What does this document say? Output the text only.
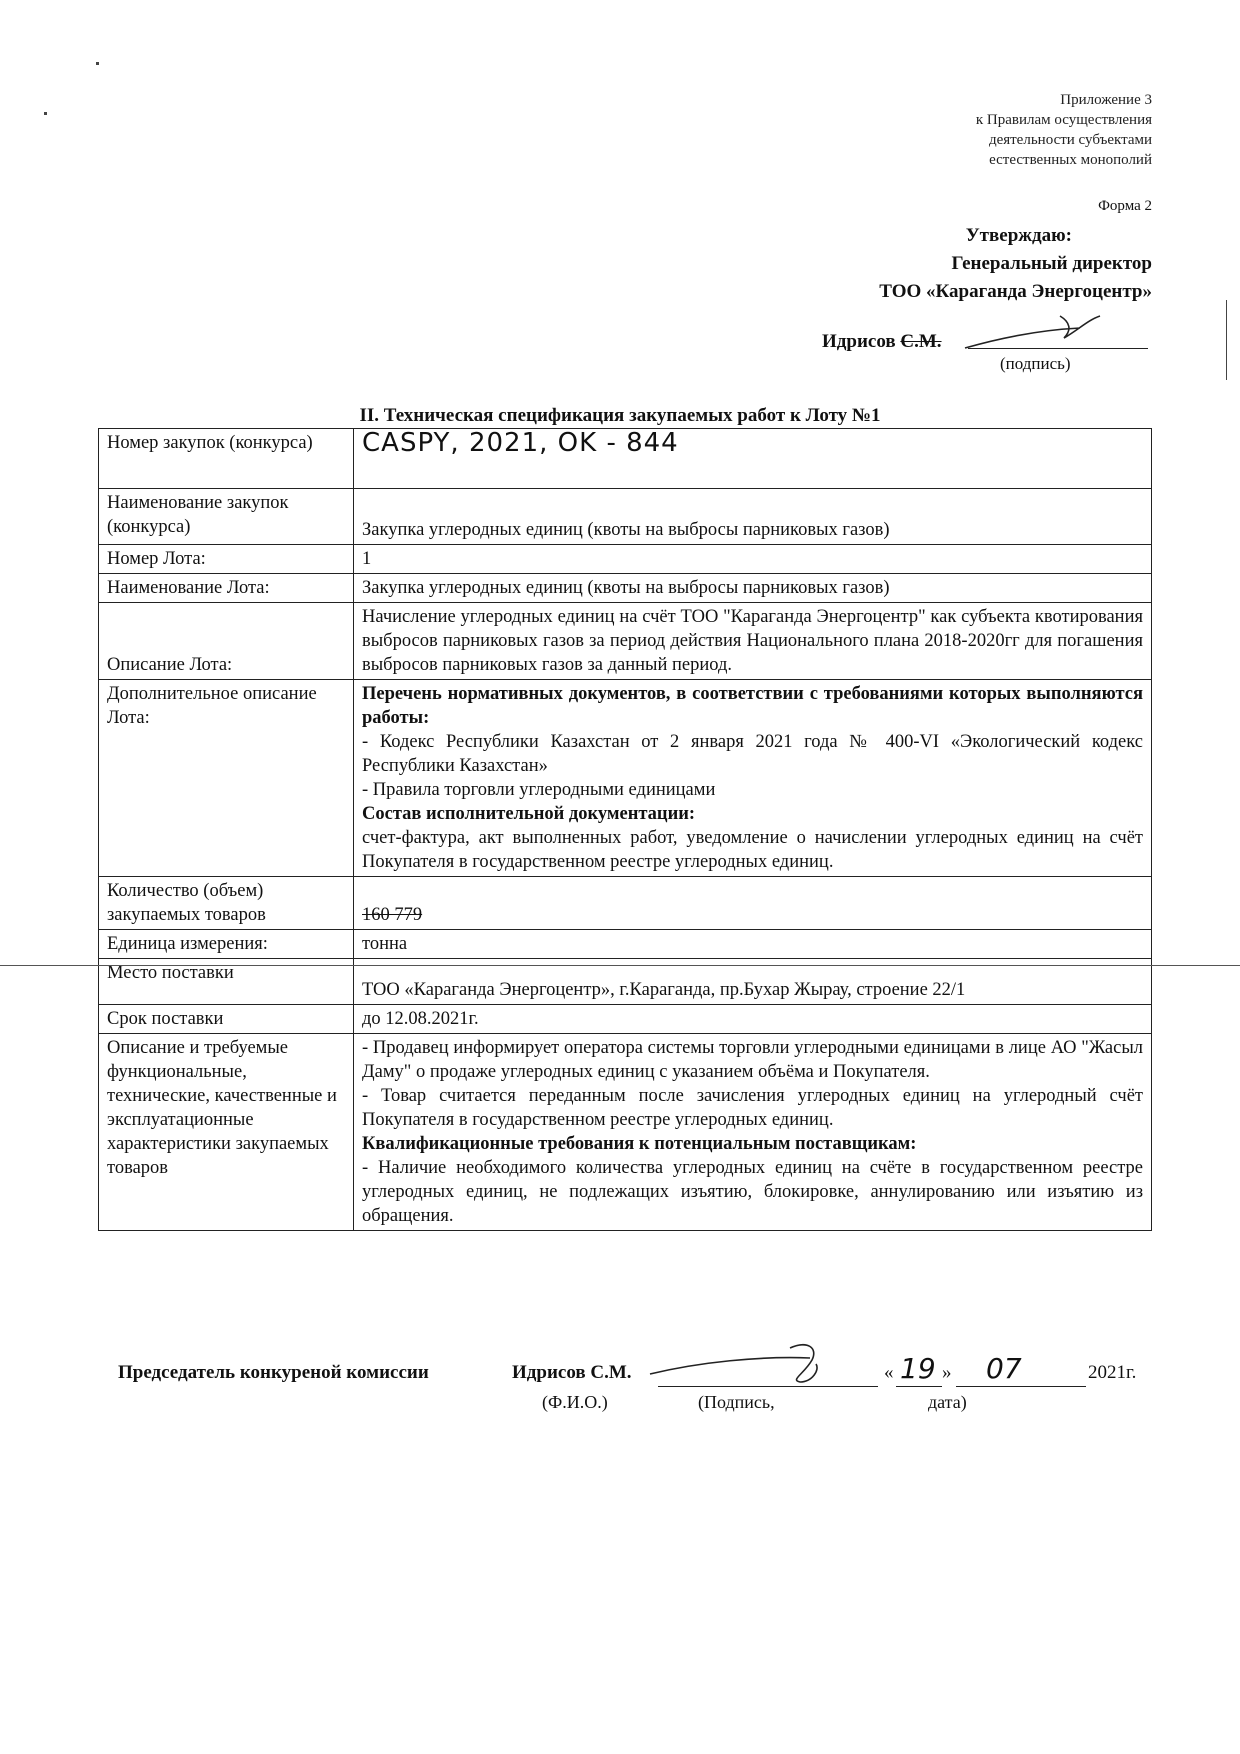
Приложение 3
к Правилам осуществления
деятельности субъектами
естественных монополий
Форма 2
Утверждаю:
Генеральный директор
ТОО «Караганда Энергоцентр»
Идрисов С.М.
(подпись)
II. Техническая спецификация закупаемых работ к Лоту №1
Номер закупок (конкурса)	CASPY, 2021, OK - 844
Наименование закупок (конкурса)	Закупка углеродных единиц (квоты на выбросы парниковых газов)
Номер Лота:	1
Наименование Лота:	Закупка углеродных единиц (квоты на выбросы парниковых газов)
Описание Лота:	Начисление углеродных единиц на счёт ТОО "Караганда Энергоцентр" как субъекта квотирования выбросов парниковых газов за период действия Национального плана 2018-2020гг для погашения выбросов парниковых газов за данный период.
Дополнительное описание Лота:	Перечень нормативных документов, в соответствии с требованиями которых выполняются работы:
- Кодекс Республики Казахстан от 2 января 2021 года № 400-VI «Экологический кодекс Республики Казахстан»
- Правила торговли углеродными единицами
Состав исполнительной документации:
счет-фактура, акт выполненных работ, уведомление о начислении углеродных единиц на счёт Покупателя в государственном реестре углеродных единиц.

Количество (объем) закупаемых товаров	160 779
Единица измерения:	тонна
Место поставки	ТОО «Караганда Энергоцентр», г.Караганда, пр.Бухар Жырау, строение 22/1
Срок поставки	до 12.08.2021г.
Описание и требуемые функциональные, технические, качественные и эксплуатационные характеристики закупаемых товаров	- Продавец информирует оператора системы торговли углеродными единицами в лице АО "Жасыл Даму" о продаже углеродных единиц с указанием объёма и Покупателя.
- Товар считается переданным после зачисления углеродных единиц на углеродный счёт Покупателя в государственном реестре углеродных единиц.
Квалификационные требования к потенциальным поставщикам:
- Наличие необходимого количества углеродных единиц на счёте в государственном реестре углеродных единиц, не подлежащих изъятию, блокировке, аннулированию или изъятию из обращения.
Председатель конкуреной комиссии	Идрисов С.М.	« 19 » 07	2021г.
(Ф.И.О.)	(Подпись,	дата)
